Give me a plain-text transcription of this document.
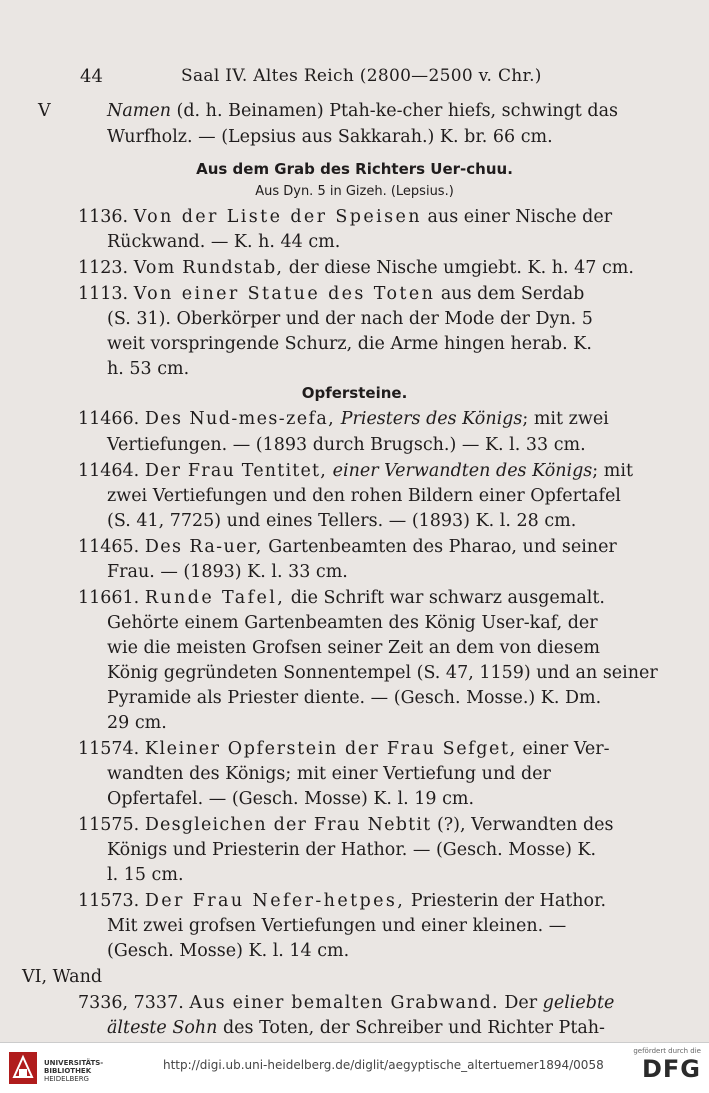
44	Saal IV. Altes Reich (2800—2500 v. Chr.)
V	Namen (d. h. Beinamen) Ptah-ke-cher hiefs, schwingt das
Wurfholz. — (Lepsius aus Sakkarah.) K. br. 66 cm.
Aus dem Grab des Richters Uer-chuu.
Aus Dyn. 5 in Gizeh. (Lepsius.)
1136. Von der Liste der Speisen aus einer Nische der
Rückwand. — K. h. 44 cm.
1123. Vom Rundstab, der diese Nische umgiebt. K. h. 47 cm.
1113. Von einer Statue des Toten aus dem Serdab
(S. 31). Oberkörper und der nach der Mode der Dyn. 5
weit vorspringende Schurz, die Arme hingen herab. K.
h. 53 cm.
Opfersteine.
11466. Des Nud-mes-zefa, Priesters des Königs; mit zwei
Vertiefungen. — (1893 durch Brugsch.) — K. l. 33 cm.
11464. Der Frau Tentitet, einer Verwandten des Königs; mit
zwei Vertiefungen und den rohen Bildern einer Opfertafel
(S. 41, 7725) und eines Tellers. — (1893) K. l. 28 cm.
11465. Des Ra-uer, Gartenbeamten des Pharao, und seiner
Frau. — (1893) K. l. 33 cm.
11661. Runde Tafel, die Schrift war schwarz ausgemalt.
Gehörte einem Gartenbeamten des König User-kaf, der
wie die meisten Grofsen seiner Zeit an dem von diesem
König gegründeten Sonnentempel (S. 47, 1159) und an seiner
Pyramide als Priester diente. — (Gesch. Mosse.) K. Dm.
29 cm.
11574. Kleiner Opferstein der Frau Sefget, einer Ver-
wandten des Königs; mit einer Vertiefung und der
Opfertafel. — (Gesch. Mosse) K. l. 19 cm.
11575. Desgleichen der Frau Nebtit (?), Verwandten des
Königs und Priesterin der Hathor. — (Gesch. Mosse) K.
l. 15 cm.
11573. Der Frau Nefer-hetpes, Priesterin der Hathor.
Mit zwei grofsen Vertiefungen und einer kleinen. —
(Gesch. Mosse) K. l. 14 cm.
VI, Wand
7336, 7337. Aus einer bemalten Grabwand. Der geliebte
älteste Sohn des Toten, der Schreiber und Richter Ptah-
UNIVERSITÄTS-
BIBLIOTHEK
HEIDELBERG
http://digi.ub.uni-heidelberg.de/diglit/aegyptische_altertuemer1894/0058
gefördert durch die
DFG
